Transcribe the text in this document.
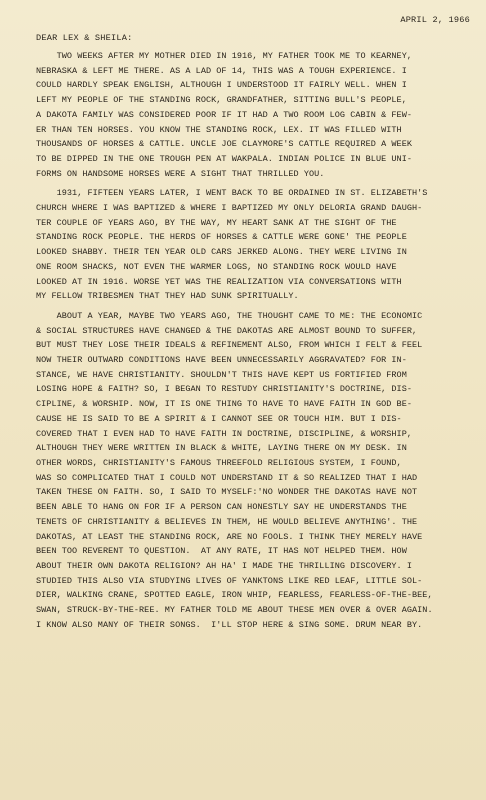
APRIL 2, 1966
DEAR LEX & SHEILA:
TWO WEEKS AFTER MY MOTHER DIED IN 1916, MY FATHER TOOK ME TO KEARNEY,
NEBRASKA & LEFT ME THERE. AS A LAD OF 14, THIS WAS A TOUGH EXPERIENCE. I
COULD HARDLY SPEAK ENGLISH, ALTHOUGH I UNDERSTOOD IT FAIRLY WELL. WHEN I
LEFT MY PEOPLE OF THE STANDING ROCK, GRANDFATHER, SITTING BULL'S PEOPLE,
A DAKOTA FAMILY WAS CONSIDERED POOR IF IT HAD A TWO ROOM LOG CABIN & FEW-
ER THAN TEN HORSES. YOU KNOW THE STANDING ROCK, LEX. IT WAS FILLED WITH
THOUSANDS OF HORSES & CATTLE. UNCLE JOE CLAYMORE'S CATTLE REQUIRED A WEEK
TO BE DIPPED IN THE ONE TROUGH PEN AT WAKPALA. INDIAN POLICE IN BLUE UNI-
FORMS ON HANDSOME HORSES WERE A SIGHT THAT THRILLED YOU.
1931, FIFTEEN YEARS LATER, I WENT BACK TO BE ORDAINED IN ST. ELIZABETH'S
CHURCH WHERE I WAS BAPTIZED & WHERE I BAPTIZED MY ONLY DELORIA GRAND DAUGH-
TER COUPLE OF YEARS AGO, BY THE WAY, MY HEART SANK AT THE SIGHT OF THE
STANDING ROCK PEOPLE. THE HERDS OF HORSES & CATTLE WERE GONE' THE PEOPLE
LOOKED SHABBY. THEIR TEN YEAR OLD CARS JERKED ALONG. THEY WERE LIVING IN
ONE ROOM SHACKS, NOT EVEN THE WARMER LOGS, NO STANDING ROCK WOULD HAVE
LOOKED AT IN 1916. WORSE YET WAS THE REALIZATION VIA CONVERSATIONS WITH
MY FELLOW TRIBESMEN THAT THEY HAD SUNK SPIRITUALLY.
ABOUT A YEAR, MAYBE TWO YEARS AGO, THE THOUGHT CAME TO ME: THE ECONOMIC
& SOCIAL STRUCTURES HAVE CHANGED & THE DAKOTAS ARE ALMOST BOUND TO SUFFER,
BUT MUST THEY LOSE THEIR IDEALS & REFINEMENT ALSO, FROM WHICH I FELT & FEEL
NOW THEIR OUTWARD CONDITIONS HAVE BEEN UNNECESSARILY AGGRAVATED? FOR IN-
STANCE, WE HAVE CHRISTIANITY. SHOULDN'T THIS HAVE KEPT US FORTIFIED FROM
LOSING HOPE & FAITH? SO, I BEGAN TO RESTUDY CHRISTIANITY'S DOCTRINE, DIS-
CIPLINE, & WORSHIP. NOW, IT IS ONE THING TO HAVE TO HAVE FAITH IN GOD BE-
CAUSE HE IS SAID TO BE A SPIRIT & I CANNOT SEE OR TOUCH HIM. BUT I DIS-
COVERED THAT I EVEN HAD TO HAVE FAITH IN DOCTRINE, DISCIPLINE, & WORSHIP,
ALTHOUGH THEY WERE WRITTEN IN BLACK & WHITE, LAYING THERE ON MY DESK. IN
OTHER WORDS, CHRISTIANITY'S FAMOUS THREEFOLD RELIGIOUS SYSTEM, I FOUND,
WAS SO COMPLICATED THAT I COULD NOT UNDERSTAND IT & SO REALIZED THAT I HAD
TAKEN THESE ON FAITH. SO, I SAID TO MYSELF:'NO WONDER THE DAKOTAS HAVE NOT
BEEN ABLE TO HANG ON FOR IF A PERSON CAN HONESTLY SAY HE UNDERSTANDS THE
TENETS OF CHRISTIANITY & BELIEVES IN THEM, HE WOULD BELIEVE ANYTHING'. THE
DAKOTAS, AT LEAST THE STANDING ROCK, ARE NO FOOLS. I THINK THEY MERELY HAVE
BEEN TOO REVERENT TO QUESTION.  AT ANY RATE, IT HAS NOT HELPED THEM. HOW
ABOUT THEIR OWN DAKOTA RELIGION? AH HA' I MADE THE THRILLING DISCOVERY. I
STUDIED THIS ALSO VIA STUDYING LIVES OF YANKTONS LIKE RED LEAF, LITTLE SOL-
DIER, WALKING CRANE, SPOTTED EAGLE, IRON WHIP, FEARLESS, FEARLESS-OF-THE-BEE,
SWAN, STRUCK-BY-THE-REE. MY FATHER TOLD ME ABOUT THESE MEN OVER & OVER AGAIN.
I KNOW ALSO MANY OF THEIR SONGS.  I'LL STOP HERE & SING SOME. DRUM NEAR BY.
